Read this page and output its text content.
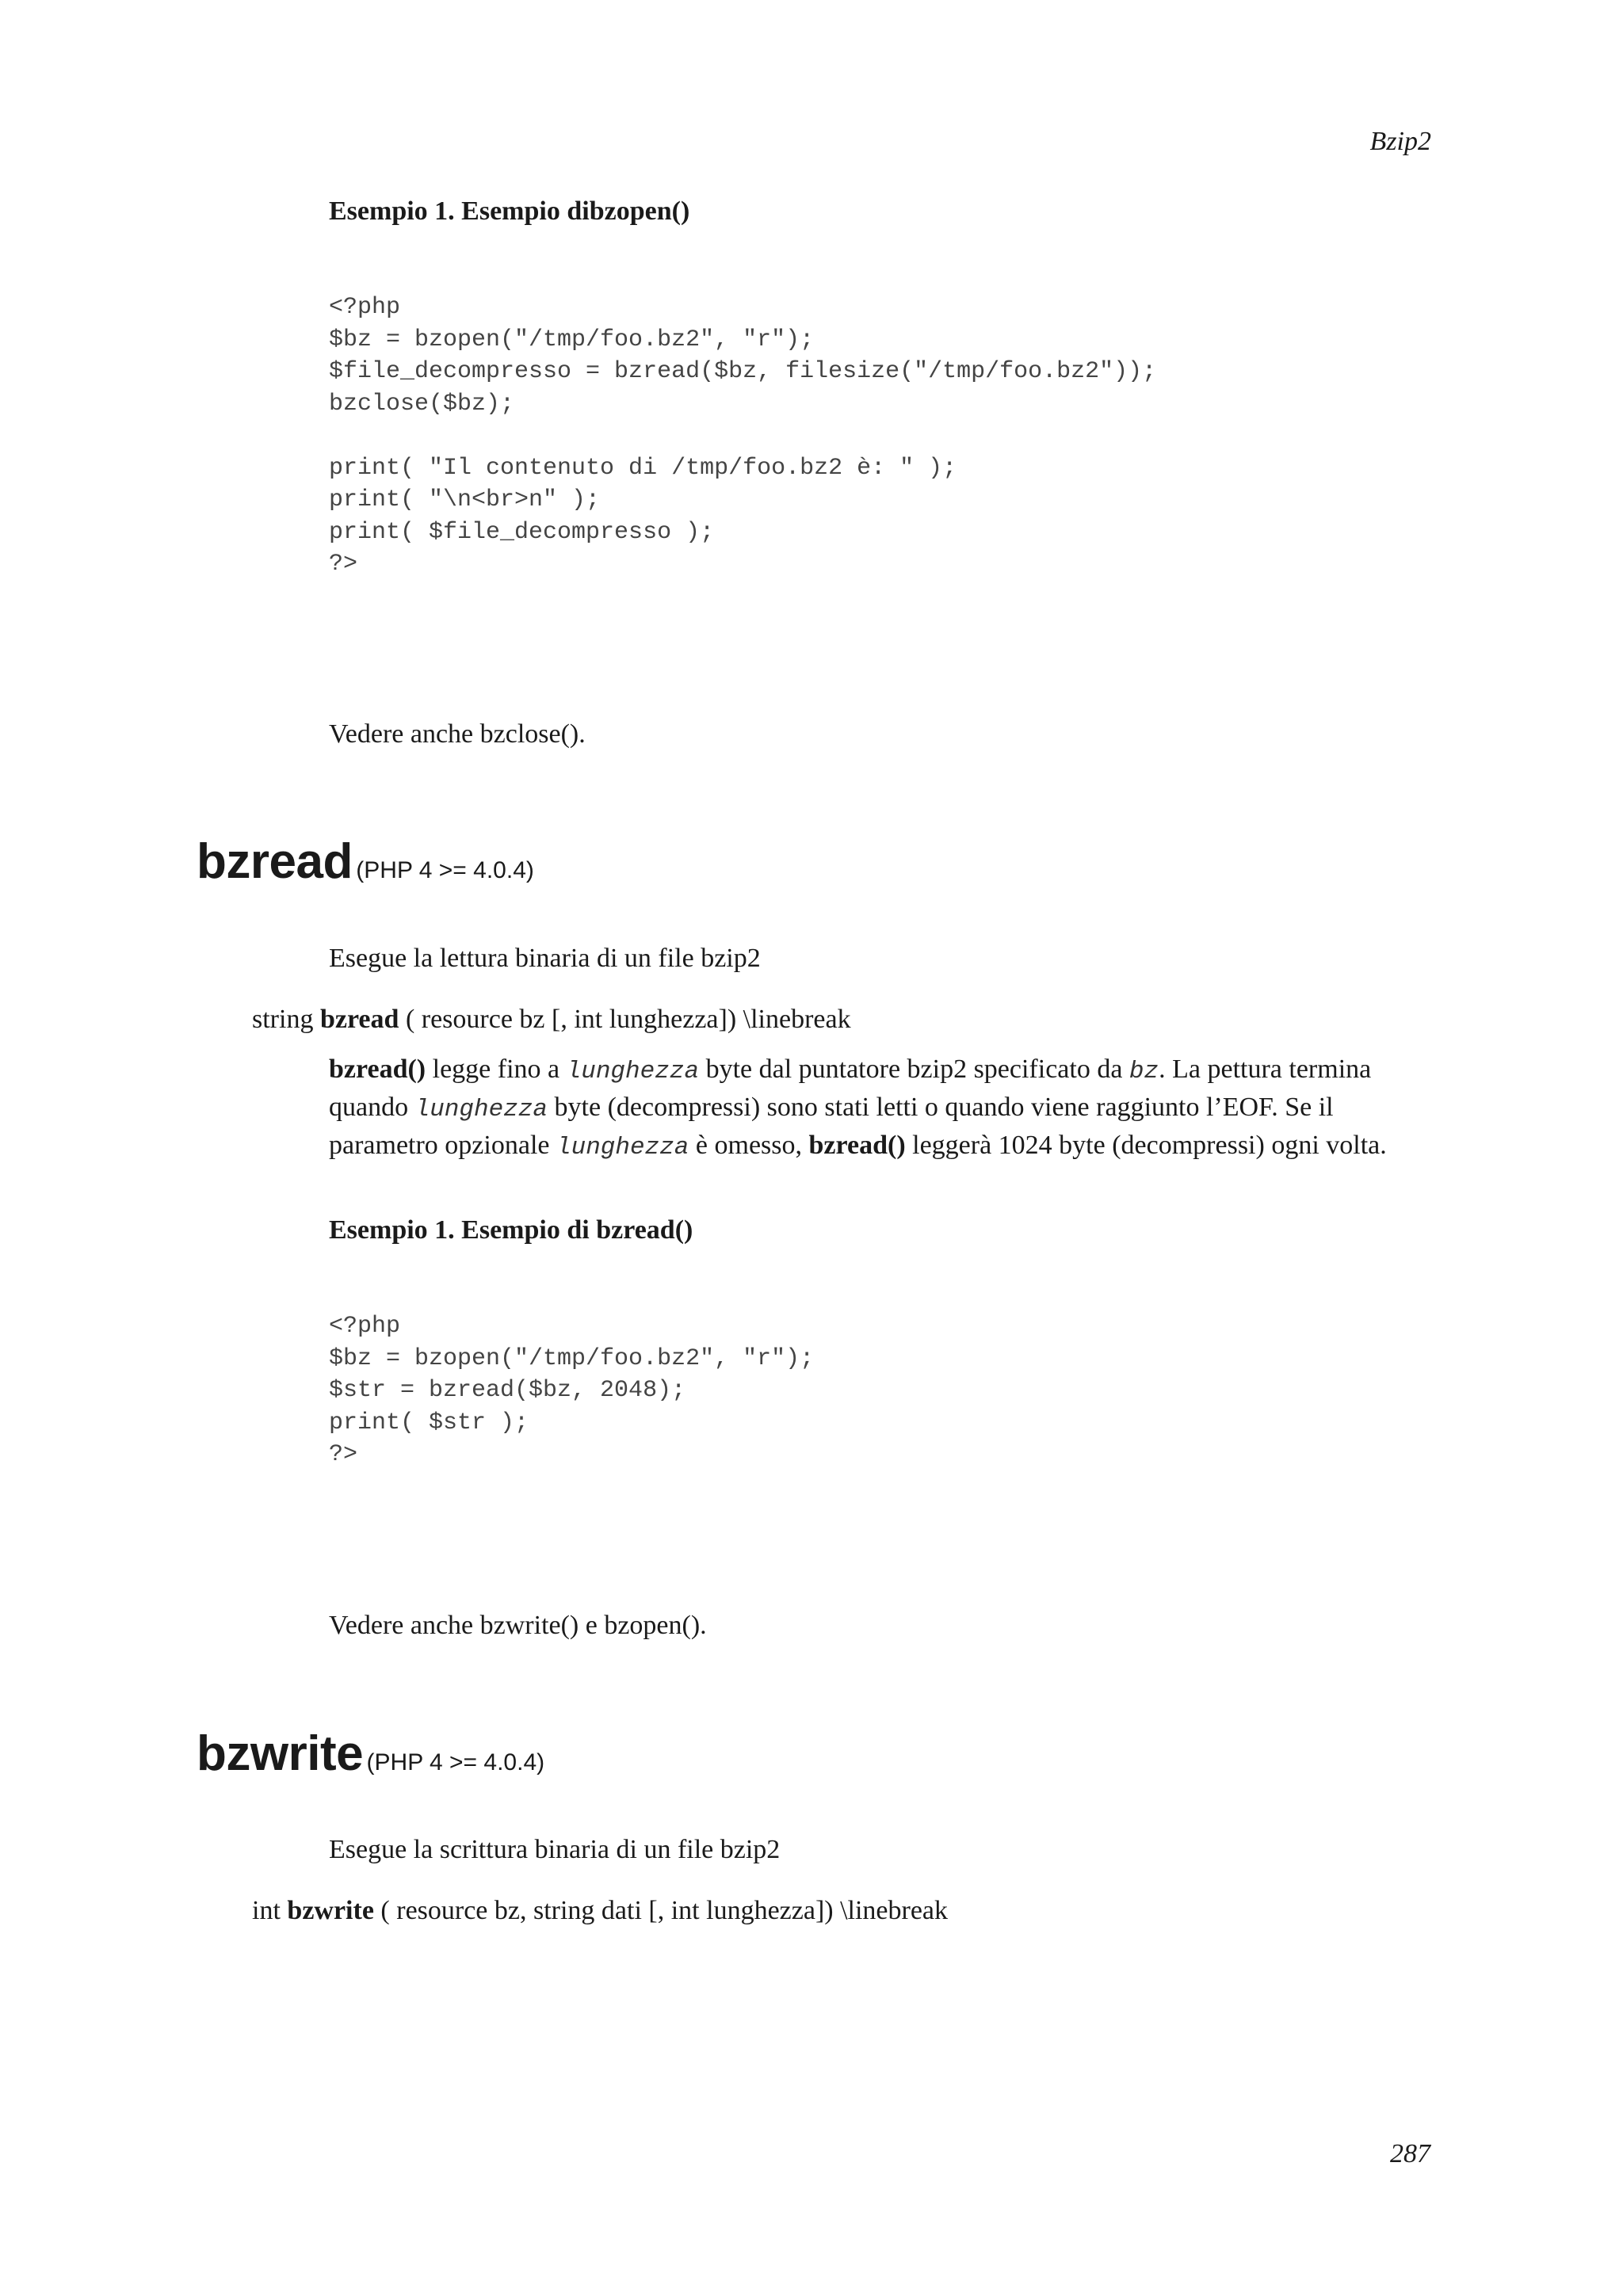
Bzip2
Esempio 1. Esempio dibzopen()
<?php
$bz = bzopen("/tmp/foo.bz2", "r");
$file_decompresso = bzread($bz, filesize("/tmp/foo.bz2"));
bzclose($bz);

print( "Il contenuto di /tmp/foo.bz2 è: " );
print( "\n<br>n" );
print( $file_decompresso );
?>
Vedere anche bzclose().
bzread (PHP 4 >= 4.0.4)
Esegue la lettura binaria di un file bzip2
string bzread ( resource bz [, int lunghezza]) \linebreak
bzread() legge fino a lunghezza byte dal puntatore bzip2 specificato da bz. La pettura termina quando lunghezza byte (decompressi) sono stati letti o quando viene raggiunto l’EOF. Se il parametro opzionale lunghezza è omesso, bzread() leggerà 1024 byte (decompressi) ogni volta.
Esempio 1. Esempio di bzread()
<?php
$bz = bzopen("/tmp/foo.bz2", "r");
$str = bzread($bz, 2048);
print( $str );
?>
Vedere anche bzwrite() e bzopen().
bzwrite (PHP 4 >= 4.0.4)
Esegue la scrittura binaria di un file bzip2
int bzwrite ( resource bz, string dati [, int lunghezza]) \linebreak
287
